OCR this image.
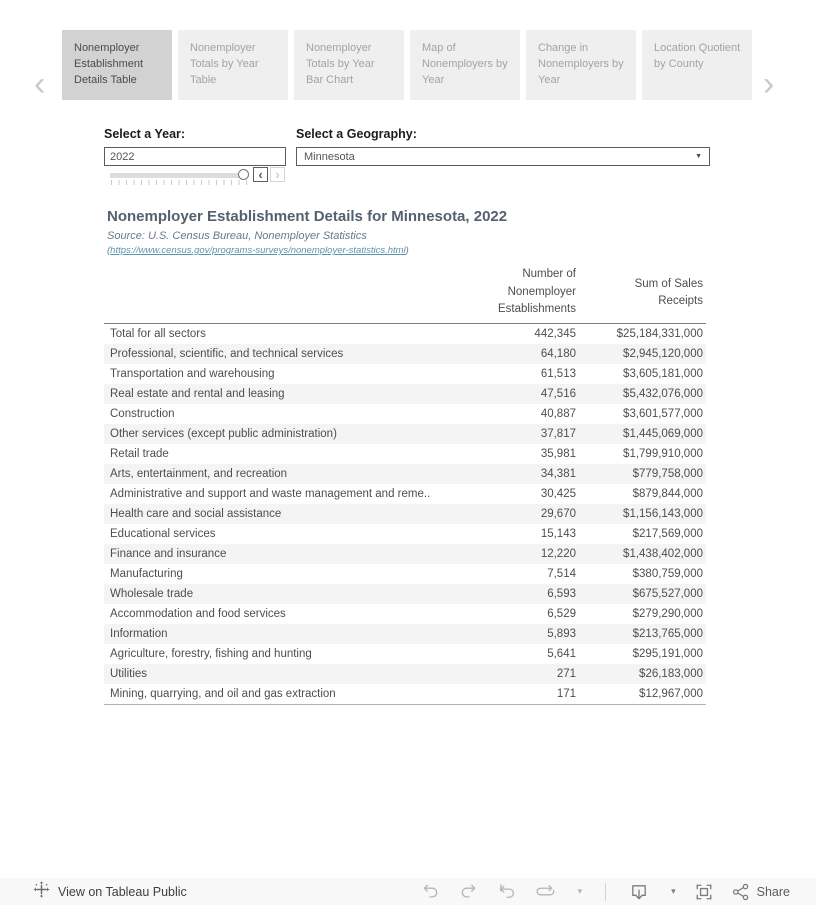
‹
Nonemployer Establishment Details Table
Nonemployer Totals by Year Table
Nonemployer Totals by Year Bar Chart
Map of Nonemployers by Year
Change in Nonemployers by Year
Location Quotient by County
›
Select a Year:
2022
‹ ›
Select a Geography:
Minnesota	▼
Nonemployer Establishment Details for Minnesota, 2022
Source: U.S. Census Bureau, Nonemployer Statistics
(https://www.census.gov/programs-surveys/nonemployer-statistics.html)
Number of Nonemployer Establishments
Sum of Sales Receipts
Total for all sectors	442,345	$25,184,331,000
Professional, scientific, and technical services	64,180	$2,945,120,000
Transportation and warehousing	61,513	$3,605,181,000
Real estate and rental and leasing	47,516	$5,432,076,000
Construction	40,887	$3,601,577,000
Other services (except public administration)	37,817	$1,445,069,000
Retail trade	35,981	$1,799,910,000
Arts, entertainment, and recreation	34,381	$779,758,000
Administrative and support and waste management and reme..	30,425	$879,844,000
Health care and social assistance	29,670	$1,156,143,000
Educational services	15,143	$217,569,000
Finance and insurance	12,220	$1,438,402,000
Manufacturing	7,514	$380,759,000
Wholesale trade	6,593	$675,527,000
Accommodation and food services	6,529	$279,290,000
Information	5,893	$213,765,000
Agriculture, forestry, fishing and hunting	5,641	$295,191,000
Utilities	271	$26,183,000
Mining, quarrying, and oil and gas extraction	171	$12,967,000
View on Tableau Public	▾	▾	Share
